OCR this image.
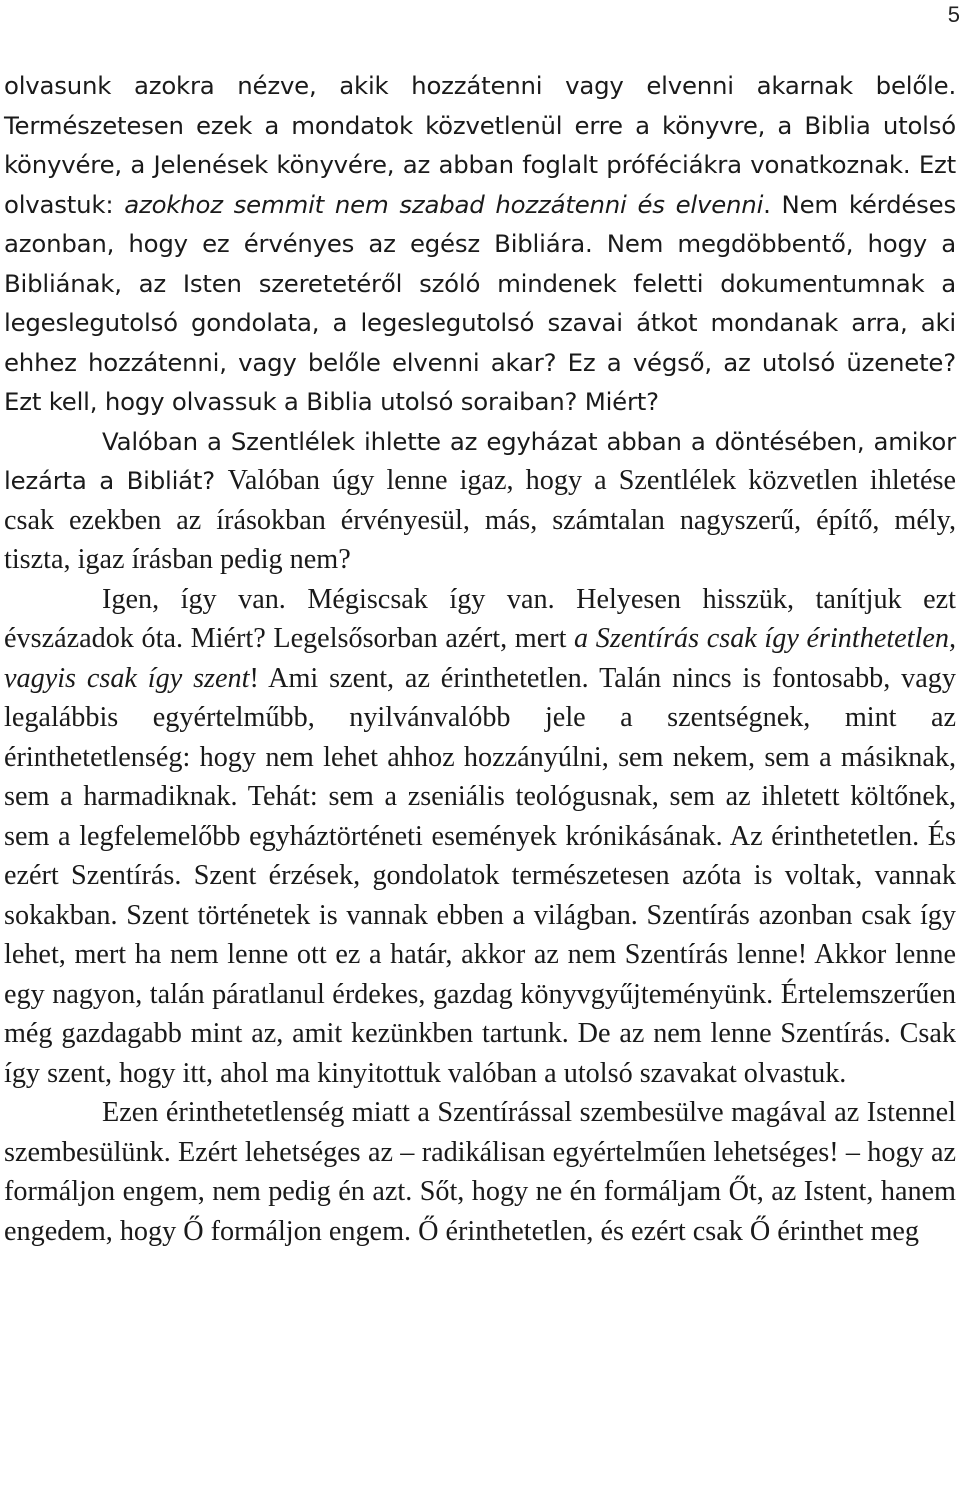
5

olvasunk azokra nézve, akik hozzátenni vagy elvenni akarnak belőle. Természetesen ezek a mondatok közvetlenül erre a könyvre, a Biblia utolsó könyvére, a Jelenések könyvére, az abban foglalt próféciákra vonatkoznak. Ezt olvastuk: azokhoz semmit nem szabad hozzátenni és elvenni. Nem kérdéses azonban, hogy ez érvényes az egész Bibliára. Nem megdöbbentő, hogy a Bibliának, az Isten szeretetéről szóló mindenek feletti dokumentumnak a legeslegutolsó gondolata, a legeslegutolsó szavai átkot mondanak arra, aki ehhez hozzátenni, vagy belőle elvenni akar? Ez a végső, az utolsó üzenete? Ezt kell, hogy olvassuk a Biblia utolsó soraiban? Miért?

Valóban a Szentlélek ihlette az egyházat abban a döntésében, amikor lezárta a Bibliát? Valóban úgy lenne igaz, hogy a Szentlélek közvetlen ihletése csak ezekben az írásokban érvényesül, más, számtalan nagyszerű, építő, mély, tiszta, igaz írásban pedig nem?

Igen, így van. Mégiscsak így van. Helyesen hisszük, tanítjuk ezt évszázadok óta. Miért? Legelsősorban azért, mert a Szentírás csak így érinthetetlen, vagyis csak így szent! Ami szent, az érinthetetlen. Talán nincs is fontosabb, vagy legalábbis egyértelműbb, nyilvánvalóbb jele a szentségnek, mint az érinthetetlenség: hogy nem lehet ahhoz hozzányúlni, sem nekem, sem a másiknak, sem a harmadiknak. Tehát: sem a zseniális teológusnak, sem az ihletett költőnek, sem a legfelemelőbb egyháztörténeti események krónikásának. Az érinthetetlen. És ezért Szentírás. Szent érzések, gondolatok természetesen azóta is voltak, vannak sokakban. Szent történetek is vannak ebben a világban. Szentírás azonban csak így lehet, mert ha nem lenne ott ez a határ, akkor az nem Szentírás lenne! Akkor lenne egy nagyon, talán páratlanul érdekes, gazdag könyvgyűjteményünk. Értelemszerűen még gazdagabb mint az, amit kezünkben tartunk. De az nem lenne Szentírás. Csak így szent, hogy itt, ahol ma kinyitottuk valóban a utolsó szavakat olvastuk.

Ezen érinthetetlenség miatt a Szentírással szembesülve magával az Istennel szembesülünk. Ezért lehetséges az – radikálisan egyértelműen lehetséges! – hogy az formáljon engem, nem pedig én azt. Sőt, hogy ne én formáljam Őt, az Istent, hanem engedem, hogy Ő formáljon engem. Ő érinthetetlen, és ezért csak Ő érinthet meg
